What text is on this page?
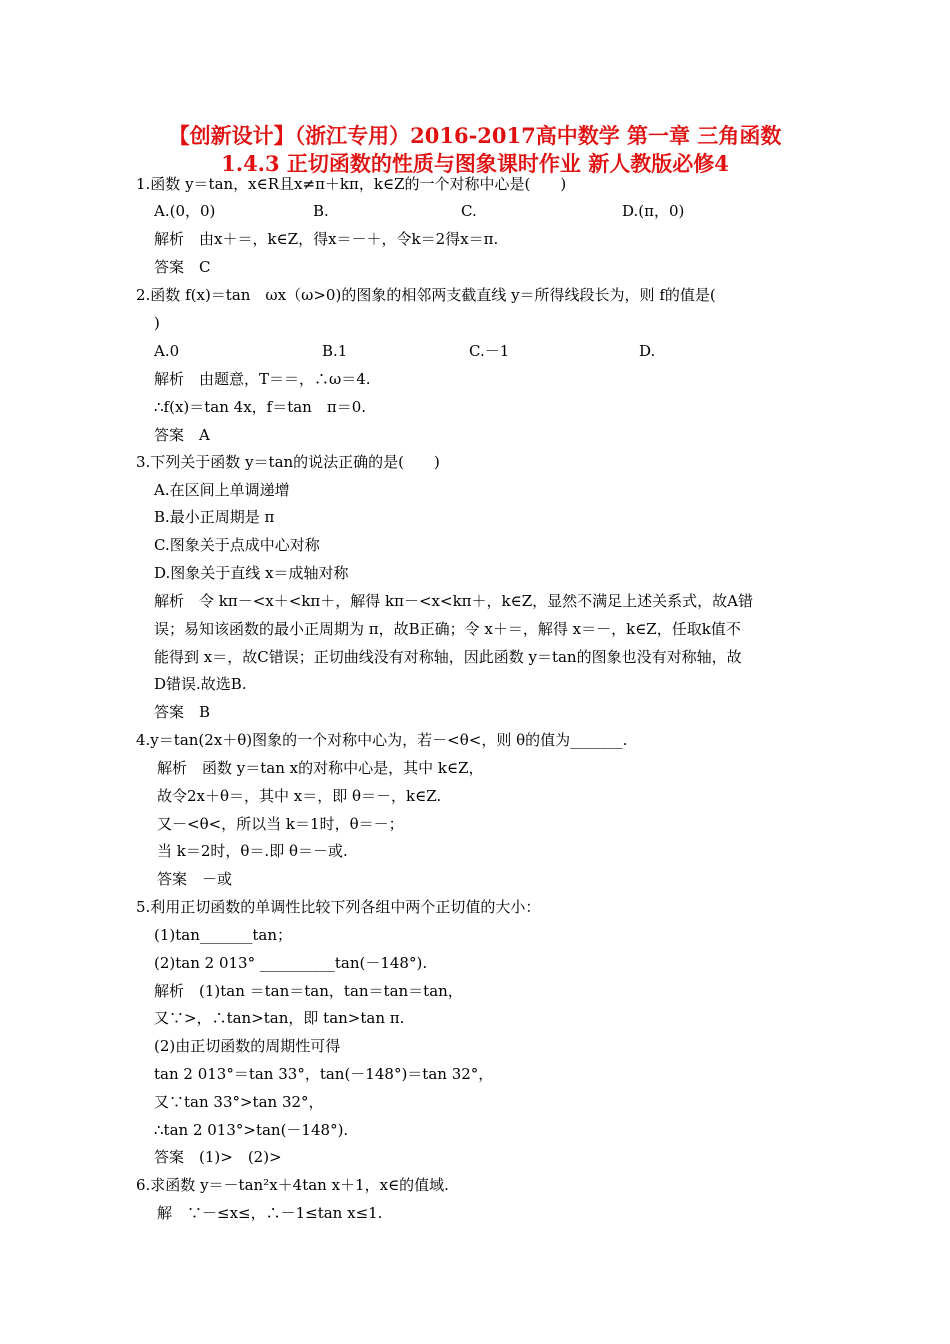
【创新设计】（浙江专用）2016-2017高中数学 第一章 三角函数
1.4.3 正切函数的性质与图象课时作业 新人教版必修4
1.函数 y＝tan，x∈R且x≠π＋kπ，k∈Z的一个对称中心是(　　)
A.(0，0)	B.	C.	D.(π，0)
解析　由x＋＝，k∈Z，得x＝－＋，令k＝2得x＝π.
答案　C
2.函数 f(x)＝tan　ωx（ω>0)的图象的相邻两支截直线 y＝所得线段长为，则 f的值是(
)
A.0	B.1	C.－1	D.
解析　由题意，T＝＝，∴ω＝4.
∴f(x)＝tan 4x，f＝tan　π＝0.
答案　A
3.下列关于函数 y＝tan的说法正确的是(　　)
A.在区间上单调递增
B.最小正周期是 π
C.图象关于点成中心对称
D.图象关于直线 x＝成轴对称
解析　令 kπ－<x＋<kπ＋，解得 kπ－<x<kπ＋，k∈Z，显然不满足上述关系式，故A错
误；易知该函数的最小正周期为 π，故B正确；令 x＋＝，解得 x＝－，k∈Z，任取k值不
能得到 x＝，故C错误；正切曲线没有对称轴，因此函数 y＝tan的图象也没有对称轴，故
D错误.故选B.
答案　B
4.y＝tan(2x＋θ)图象的一个对称中心为，若－<θ<，则 θ的值为_______.
解析　函数 y＝tan x的对称中心是，其中 k∈Z，
故令2x＋θ＝，其中 x＝，即 θ＝－，k∈Z.
又－<θ<，所以当 k＝1时，θ＝－；
当 k＝2时，θ＝.即 θ＝－或.
答案　－或
5.利用正切函数的单调性比较下列各组中两个正切值的大小：
(1)tan_______tan；
(2)tan 2 013° __________tan(－148°).
解析　(1)tan ＝tan＝tan，tan＝tan＝tan，
又∵>，∴tan>tan，即 tan>tan π.
(2)由正切函数的周期性可得
tan 2 013°＝tan 33°，tan(－148°)＝tan 32°，
又∵tan 33°>tan 32°，
∴tan 2 013°>tan(－148°).
答案　(1)>　(2)>
6.求函数 y＝－tan²x＋4tan x＋1，x∈的值域.
解　∵－≤x≤，∴－1≤tan x≤1.
